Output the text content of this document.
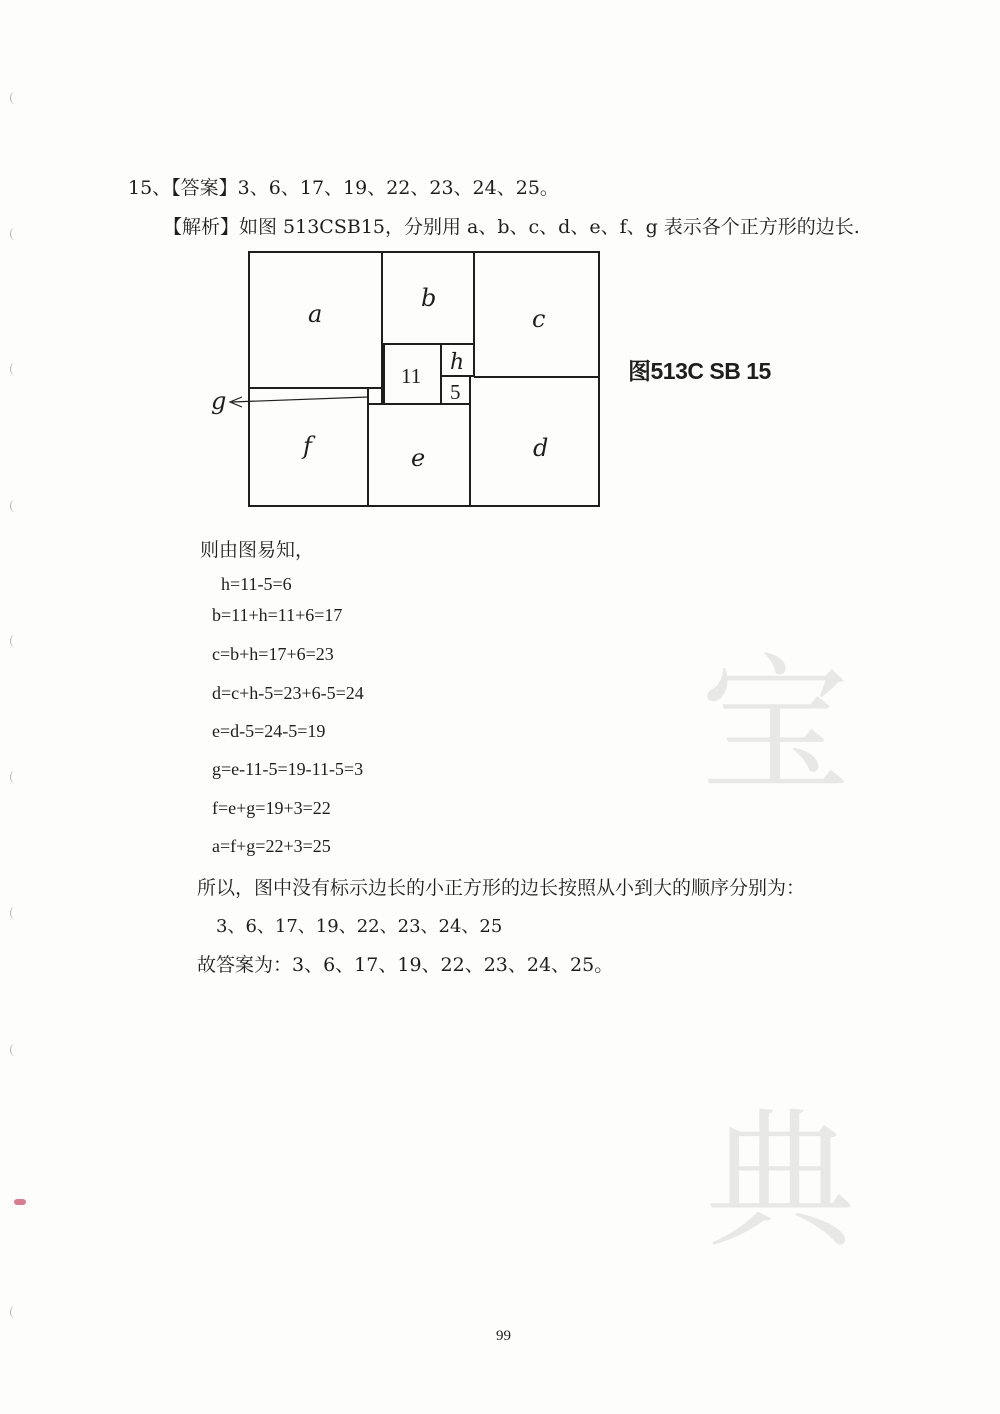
宝
典
15、【答案】3、6、17、19、22、23、24、25。
【解析】如图 513CSB15，分别用 a、b、c、d、e、f、g 表示各个正方形的边长.
a
b
c
d
e
f
g
h
11
5
图513C SB 15
则由图易知，
h=11-5=6
b=11+h=11+6=17
c=b+h=17+6=23
d=c+h-5=23+6-5=24
e=d-5=24-5=19
g=e-11-5=19-11-5=3
f=e+g=19+3=22
a=f+g=22+3=25
所以，图中没有标示边长的小正方形的边长按照从小到大的顺序分别为：
3、6、17、19、22、23、24、25
故答案为：3、6、17、19、22、23、24、25。
99
